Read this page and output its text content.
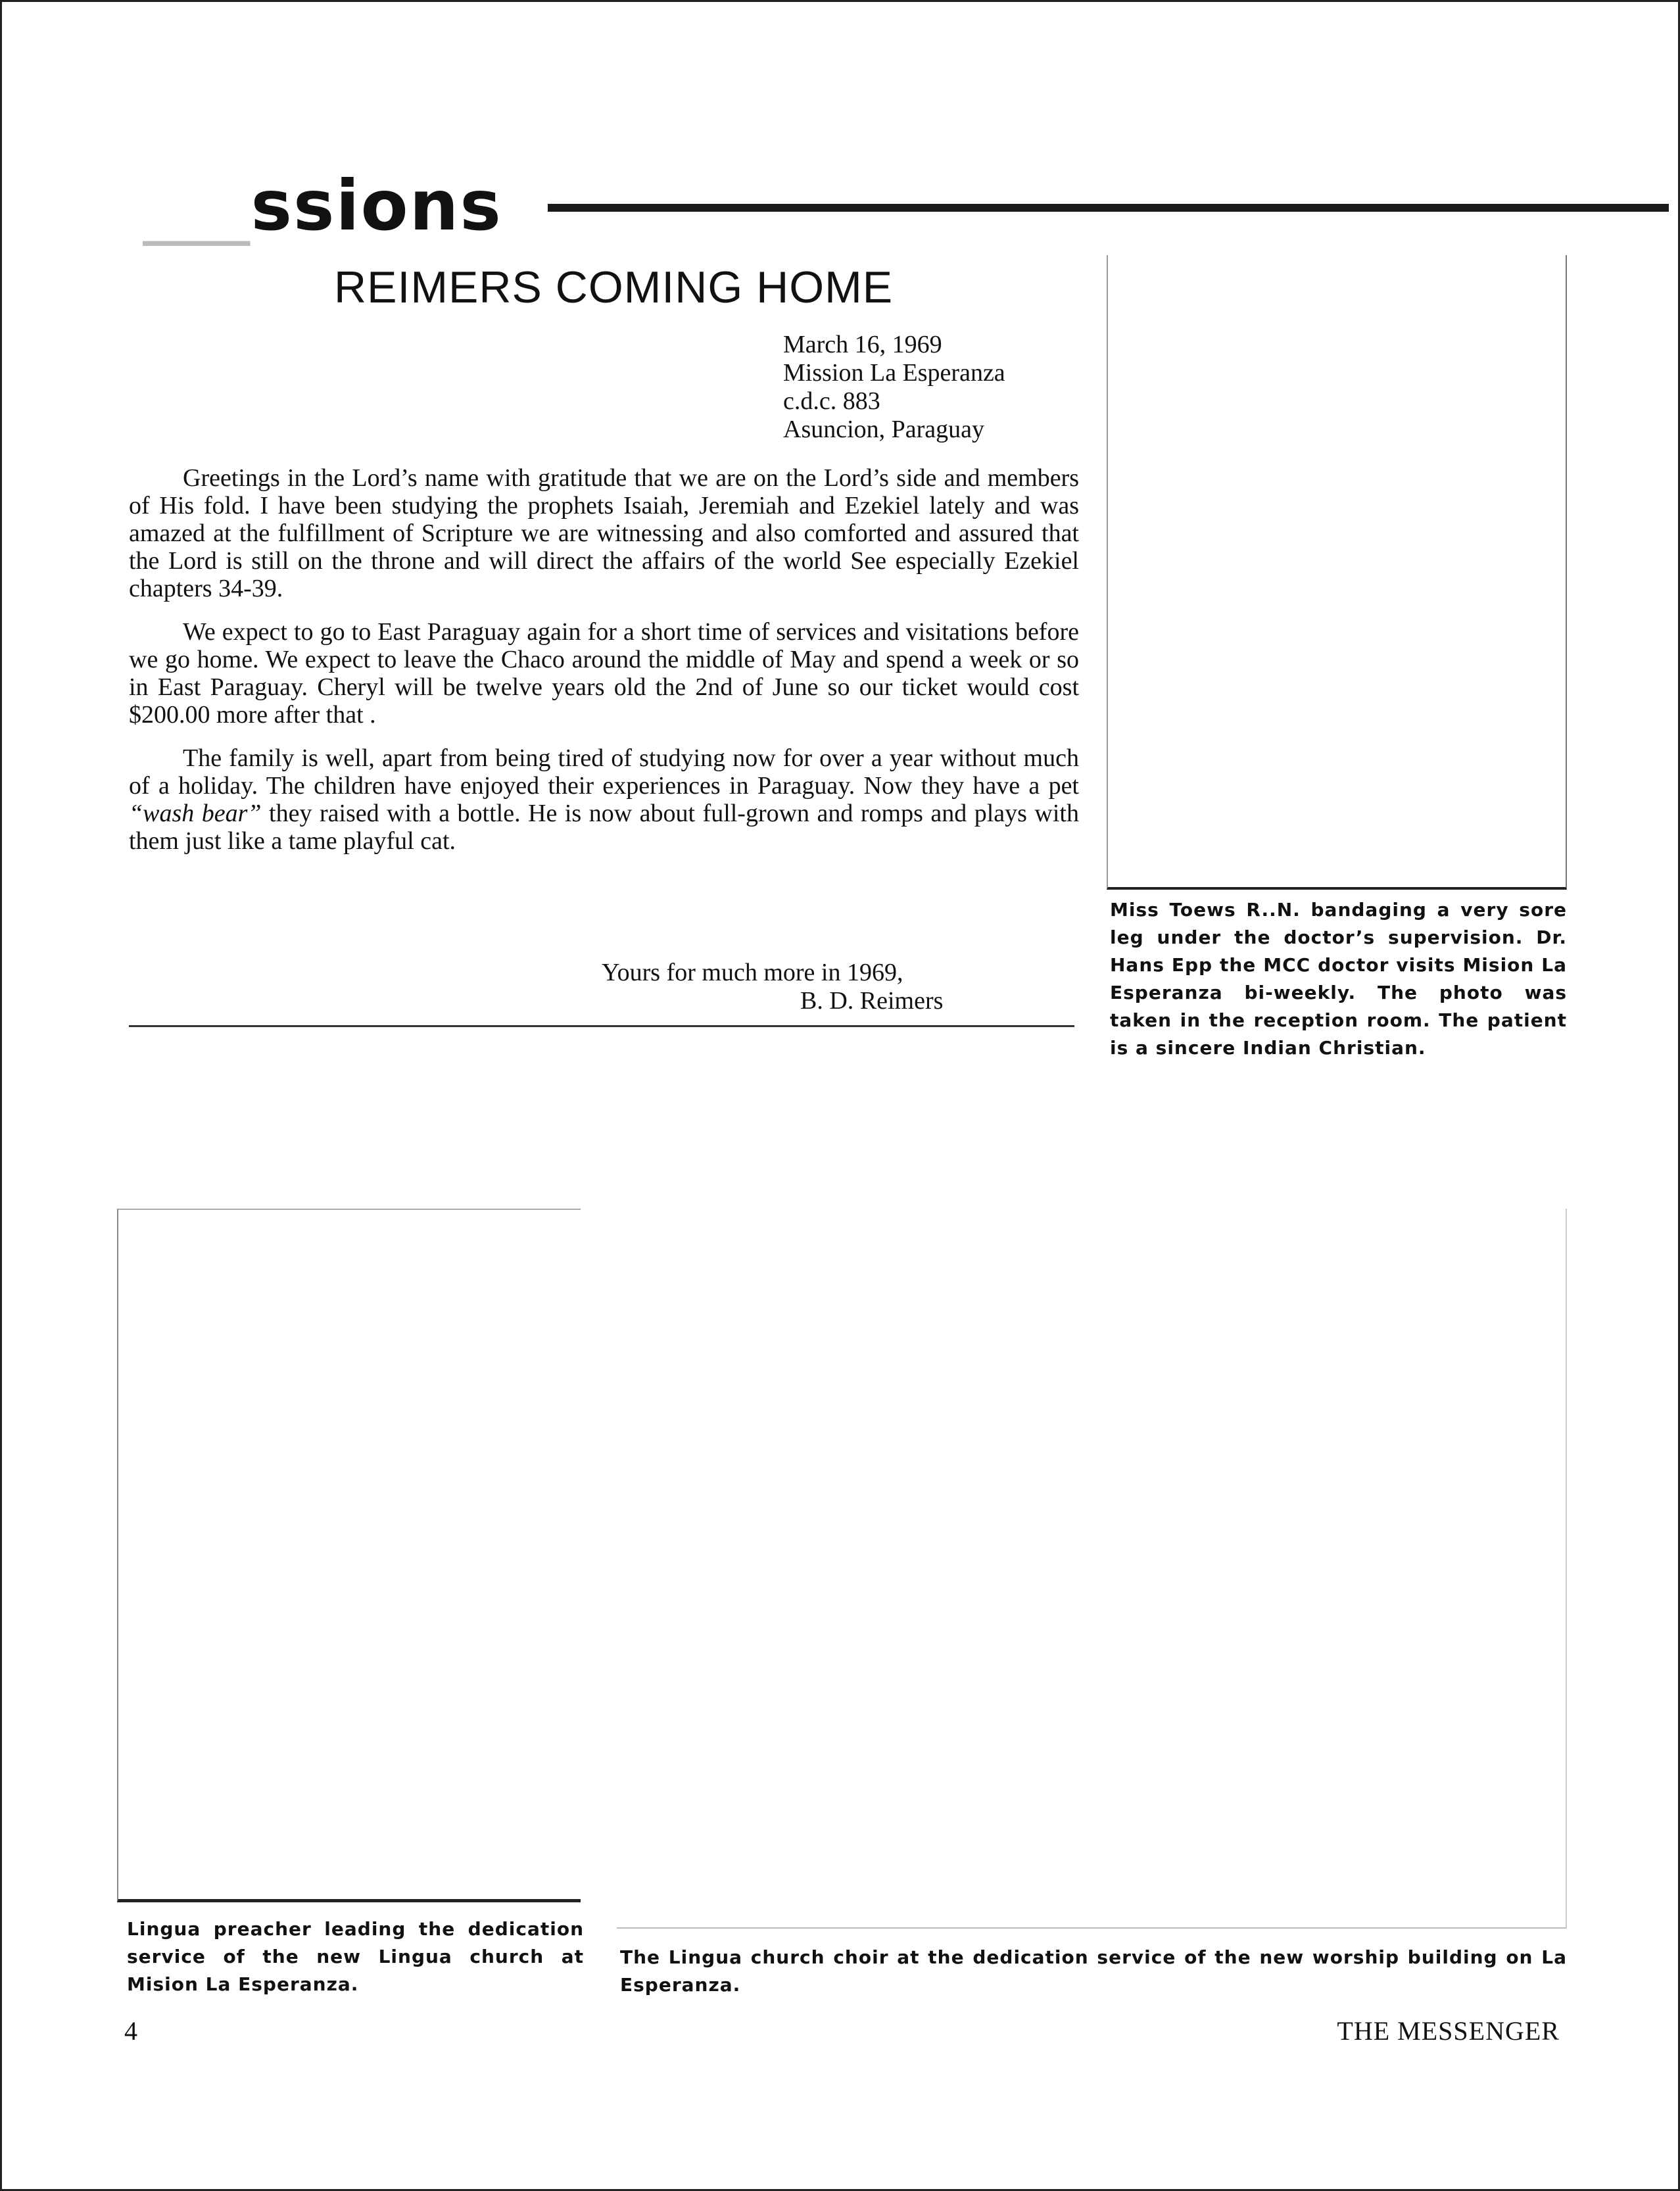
___ssions
REIMERS COMING HOME
March 16, 1969
Mission La Esperanza
c.d.c. 883
Asuncion, Paraguay

Greetings in the Lord’s name with gratitude that we are on the Lord’s side and members of His fold. I have been studying the prophets Isaiah, Jeremiah and Ezekiel lately and was amazed at the fulfillment of Scripture we are witnessing and also comforted and assured that the Lord is still on the throne and will direct the affairs of the world See especially Ezekiel chapters 34-39.

We expect to go to East Paraguay again for a short time of services and visitations before we go home. We expect to leave the Chaco around the middle of May and spend a week or so in East Paraguay. Cheryl will be twelve years old the 2nd of June so our ticket would cost $200.00 more after that .

The family is well, apart from being tired of studying now for over a year without much of a holiday. The children have enjoyed their experiences in Paraguay. Now they have a pet “wash bear” they raised with a bottle. He is now about full-grown and romps and plays with them just like a tame playful cat.

Yours for much more in 1969,
B. D. Reimers
Miss Toews R..N. bandaging a very sore leg under the doctor’s supervision. Dr. Hans Epp the MCC doctor visits Mision La Esperanza bi-weekly. The photo was taken in the reception room. The patient is a sincere Indian Christian.
Lingua preacher leading the dedication service of the new Lingua church at Mision La Esperanza.
The Lingua church choir at the dedication service of the new worship building on La Esperanza.
4	THE MESSENGER
